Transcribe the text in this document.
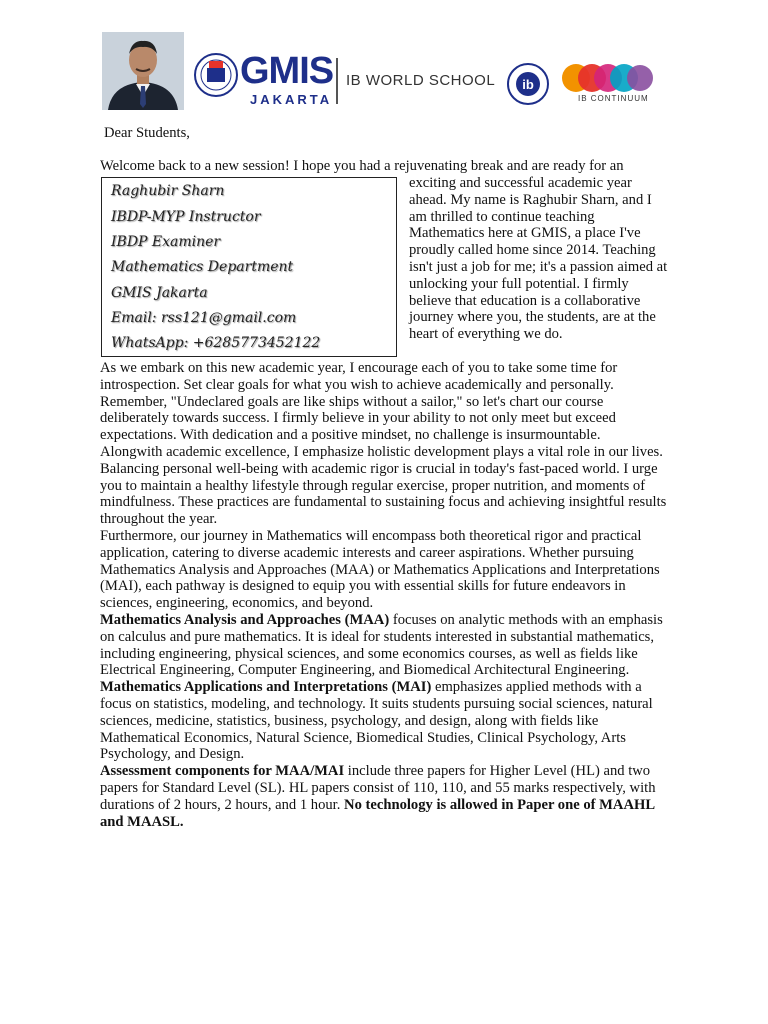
GMIS
JAKARTA
IB WORLD SCHOOL ib
IB CONTINUUM

Dear Students,

Welcome back to a new session! I hope you had a rejuvenating break and are ready for an

Raghubir Sharn
IBDP-MYP Instructor
IBDP Examiner
Mathematics Department
GMIS Jakarta
Email: rss121@gmail.com
WhatsApp: +6285773452122

exciting and successful academic year ahead. My name is Raghubir Sharn, and I am thrilled to continue teaching Mathematics here at GMIS, a place I've proudly called home since 2014. Teaching isn't just a job for me; it's a passion aimed at unlocking your full potential. I firmly believe that education is a collaborative journey where you, the students, are at the heart of everything we do.

As we embark on this new academic year, I encourage each of you to take some time for introspection. Set clear goals for what you wish to achieve academically and personally. Remember, "Undeclared goals are like ships without a sailor," so let's chart our course deliberately towards success. I firmly believe in your ability to not only meet but exceed expectations. With dedication and a positive mindset, no challenge is insurmountable.
Alongwith academic excellence, I emphasize holistic development plays a vital role in our lives. Balancing personal well-being with academic rigor is crucial in today's fast-paced world. I urge you to maintain a healthy lifestyle through regular exercise, proper nutrition, and moments of mindfulness. These practices are fundamental to sustaining focus and achieving insightful results throughout the year.
Furthermore, our journey in Mathematics will encompass both theoretical rigor and practical application, catering to diverse academic interests and career aspirations. Whether pursuing Mathematics Analysis and Approaches (MAA) or Mathematics Applications and Interpretations (MAI), each pathway is designed to equip you with essential skills for future endeavors in sciences, engineering, economics, and beyond.
Mathematics Analysis and Approaches (MAA) focuses on analytic methods with an emphasis on calculus and pure mathematics. It is ideal for students interested in substantial mathematics, including engineering, physical sciences, and some economics courses, as well as fields like Electrical Engineering, Computer Engineering, and Biomedical Architectural Engineering.
Mathematics Applications and Interpretations (MAI) emphasizes applied methods with a focus on statistics, modeling, and technology. It suits students pursuing social sciences, natural sciences, medicine, statistics, business, psychology, and design, along with fields like Mathematical Economics, Natural Science, Biomedical Studies, Clinical Psychology, Arts Psychology, and Design.
Assessment components for MAA/MAI include three papers for Higher Level (HL) and two papers for Standard Level (SL). HL papers consist of 110, 110, and 55 marks respectively, with durations of 2 hours, 2 hours, and 1 hour. No technology is allowed in Paper one of MAAHL and MAASL.
